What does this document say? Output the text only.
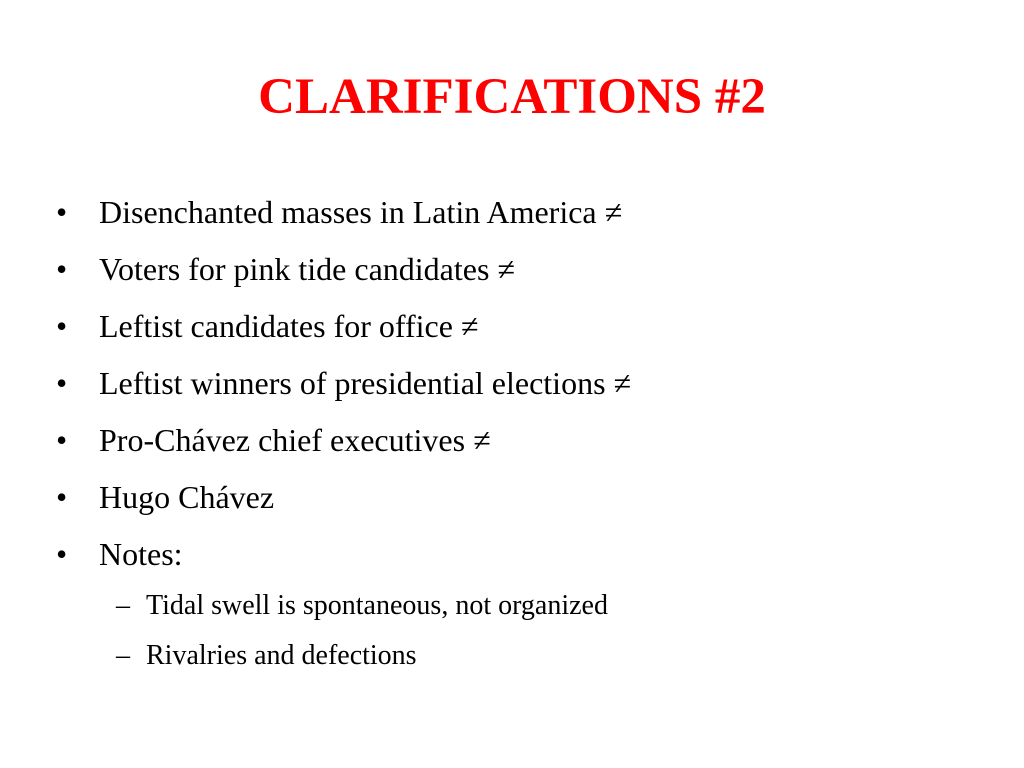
CLARIFICATIONS #2
• Disenchanted masses in Latin America ≠
• Voters for pink tide candidates ≠
• Leftist candidates for office ≠
• Leftist winners of presidential elections ≠
• Pro-Chávez chief executives ≠
• Hugo Chávez
• Notes:
– Tidal swell is spontaneous, not organized
– Rivalries and defections
